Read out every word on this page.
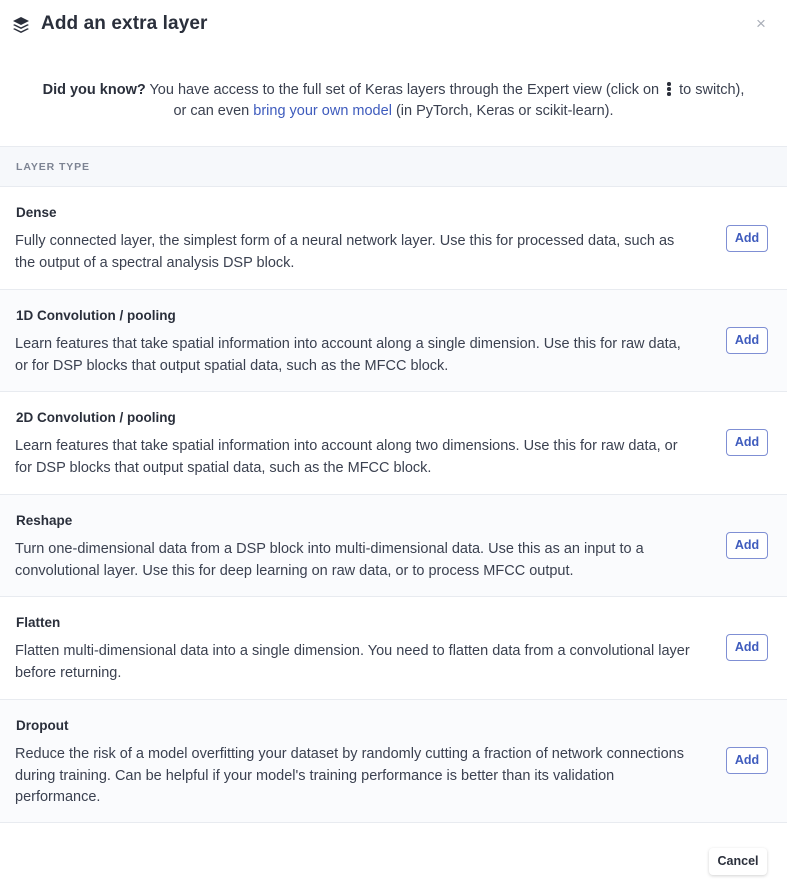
Add an extra layer	×
Did you know? You have access to the full set of Keras layers through the Expert view (click on to switch),
or can even bring your own model (in PyTorch, Keras or scikit-learn).
LAYER TYPE
Dense
Fully connected layer, the simplest form of a neural network layer. Use this for processed data, such as the output of a spectral analysis DSP block.
Add
1D Convolution / pooling
Learn features that take spatial information into account along a single dimension. Use this for raw data, or for DSP blocks that output spatial data, such as the MFCC block.
Add
2D Convolution / pooling
Learn features that take spatial information into account along two dimensions. Use this for raw data, or for DSP blocks that output spatial data, such as the MFCC block.
Add
Reshape
Turn one-dimensional data from a DSP block into multi-dimensional data. Use this as an input to a convolutional layer. Use this for deep learning on raw data, or to process MFCC output.
Add
Flatten
Flatten multi-dimensional data into a single dimension. You need to flatten data from a convolutional layer before returning.
Add
Dropout
Reduce the risk of a model overfitting your dataset by randomly cutting a fraction of network connections during training. Can be helpful if your model's training performance is better than its validation performance.
Add
Cancel
